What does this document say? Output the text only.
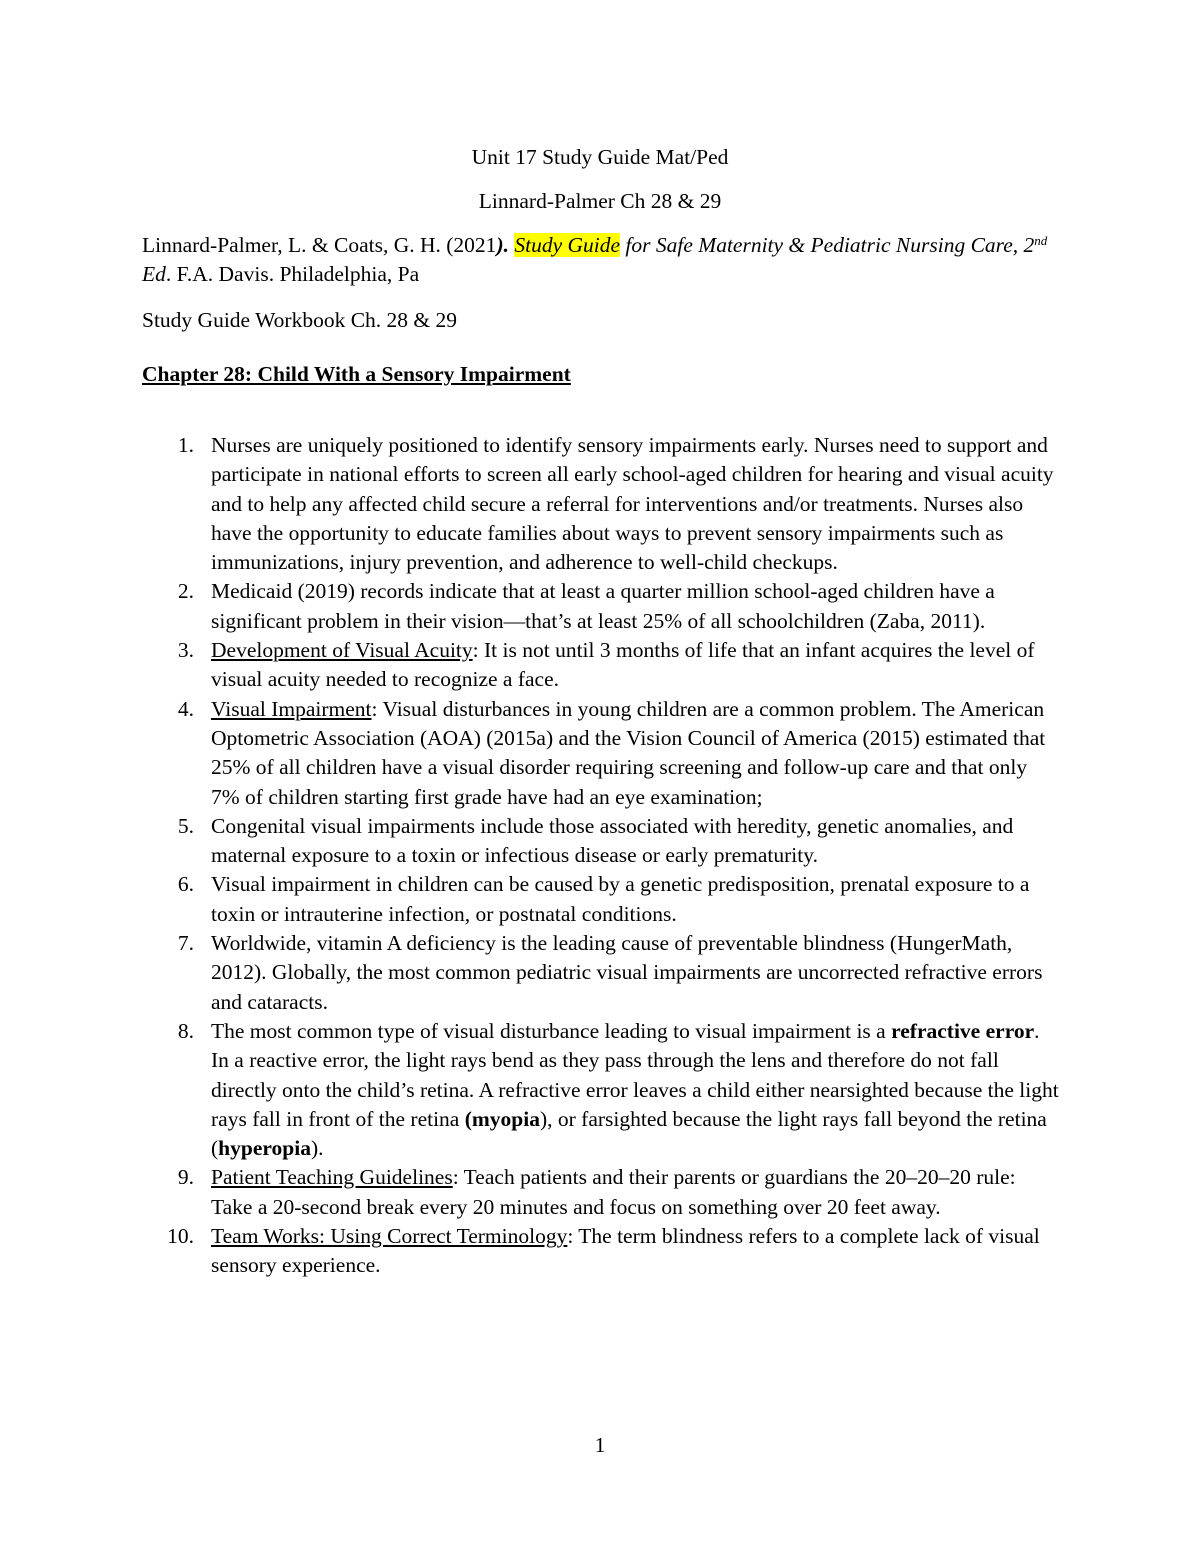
Unit 17 Study Guide Mat/Ped
Linnard-Palmer Ch 28 & 29
Linnard-Palmer, L. & Coats, G. H. (2021). Study Guide for Safe Maternity & Pediatric Nursing Care, 2nd Ed. F.A. Davis. Philadelphia, Pa
Study Guide Workbook Ch. 28 & 29
Chapter 28: Child With a Sensory Impairment
1. Nurses are uniquely positioned to identify sensory impairments early. Nurses need to support and participate in national efforts to screen all early school-aged children for hearing and visual acuity and to help any affected child secure a referral for interventions and/or treatments. Nurses also have the opportunity to educate families about ways to prevent sensory impairments such as immunizations, injury prevention, and adherence to well-child checkups.
2. Medicaid (2019) records indicate that at least a quarter million school-aged children have a significant problem in their vision—that’s at least 25% of all schoolchildren (Zaba, 2011).
3. Development of Visual Acuity: It is not until 3 months of life that an infant acquires the level of visual acuity needed to recognize a face.
4. Visual Impairment: Visual disturbances in young children are a common problem. The American Optometric Association (AOA) (2015a) and the Vision Council of America (2015) estimated that 25% of all children have a visual disorder requiring screening and follow-up care and that only 7% of children starting first grade have had an eye examination;
5. Congenital visual impairments include those associated with heredity, genetic anomalies, and maternal exposure to a toxin or infectious disease or early prematurity.
6. Visual impairment in children can be caused by a genetic predisposition, prenatal exposure to a toxin or intrauterine infection, or postnatal conditions.
7. Worldwide, vitamin A deficiency is the leading cause of preventable blindness (HungerMath, 2012). Globally, the most common pediatric visual impairments are uncorrected refractive errors and cataracts.
8. The most common type of visual disturbance leading to visual impairment is a refractive error. In a reactive error, the light rays bend as they pass through the lens and therefore do not fall directly onto the child’s retina. A refractive error leaves a child either nearsighted because the light rays fall in front of the retina (myopia), or farsighted because the light rays fall beyond the retina (hyperopia).
9. Patient Teaching Guidelines: Teach patients and their parents or guardians the 20–20–20 rule: Take a 20-second break every 20 minutes and focus on something over 20 feet away.
10. Team Works: Using Correct Terminology: The term blindness refers to a complete lack of visual sensory experience.
1
